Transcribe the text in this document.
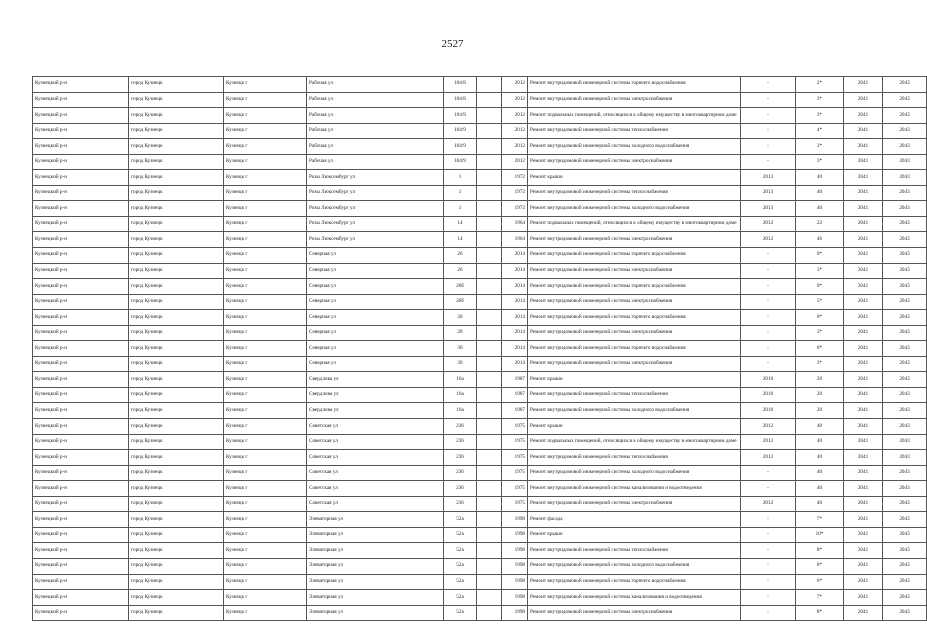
2527
Кузнецкий р-н	город Кузнецк	Кузнецк г	Рабочая ул	104/8		2012	Ремонт внутридомовой инженерной системы горячего водоснабжения	-	2*	2041	2043
Кузнецкий р-н	город Кузнецк	Кузнецк г	Рабочая ул	104/8		2012	Ремонт внутридомовой инженерной системы электроснабжения	-	3*	2041	2043
Кузнецкий р-н	город Кузнецк	Кузнецк г	Рабочая ул	104/9		2012	Ремонт подвальных помещений, относящихся к общему имуществу в многоквартирном доме	-	3*	2041	2043
Кузнецкий р-н	город Кузнецк	Кузнецк г	Рабочая ул	104/9		2012	Ремонт внутридомовой инженерной системы теплоснабжения	-	4*	2041	2043
Кузнецкий р-н	город Кузнецк	Кузнецк г	Рабочая ул	104/9		2012	Ремонт внутридомовой инженерной системы холодного водоснабжения	-	3*	2041	2043
Кузнецкий р-н	город Кузнецк	Кузнецк г	Рабочая ул	104/9		2012	Ремонт внутридомовой инженерной системы электроснабжения	-	3*	2041	2043
Кузнецкий р-н	город Кузнецк	Кузнецк г	Розы Люксембург ул	1		1972	Ремонт крыши	2013	40	2041	2043
Кузнецкий р-н	город Кузнецк	Кузнецк г	Розы Люксембург ул	1		1972	Ремонт внутридомовой инженерной системы теплоснабжения	2013	40	2041	2043
Кузнецкий р-н	город Кузнецк	Кузнецк г	Розы Люксембург ул	1		1972	Ремонт внутридомовой инженерной системы холодного водоснабжения	2013	40	2041	2043
Кузнецкий р-н	город Кузнецк	Кузнецк г	Розы Люксембург ул	14		1964	Ремонт подвальных помещений, относящихся к общему имуществу в многоквартирном доме	2012	22	2041	2043
Кузнецкий р-н	город Кузнецк	Кузнецк г	Розы Люксембург ул	14		1964	Ремонт внутридомовой инженерной системы электроснабжения	2012	46	2041	2043
Кузнецкий р-н	город Кузнецк	Кузнецк г	Северная ул	26		2014	Ремонт внутридомовой инженерной системы горячего водоснабжения	-	0*	2041	2043
Кузнецкий р-н	город Кузнецк	Кузнецк г	Северная ул	26		2014	Ремонт внутридомовой инженерной системы электроснабжения	-	3*	2041	2043
Кузнецкий р-н	город Кузнецк	Кузнецк г	Северная ул	26б		2014	Ремонт внутридомовой инженерной системы горячего водоснабжения	-	0*	2041	2043
Кузнецкий р-н	город Кузнецк	Кузнецк г	Северная ул	26б		2014	Ремонт внутридомовой инженерной системы электроснабжения	-	5*	2041	2043
Кузнецкий р-н	город Кузнецк	Кузнецк г	Северная ул	28		2014	Ремонт внутридомовой инженерной системы горячего водоснабжения	-	0*	2041	2043
Кузнецкий р-н	город Кузнецк	Кузнецк г	Северная ул	28		2014	Ремонт внутридомовой инженерной системы электроснабжения	-	3*	2041	2043
Кузнецкий р-н	город Кузнецк	Кузнецк г	Северная ул	30		2014	Ремонт внутридомовой инженерной системы горячего водоснабжения	-	0*	2041	2043
Кузнецкий р-н	город Кузнецк	Кузнецк г	Северная ул	30		2014	Ремонт внутридомовой инженерной системы электроснабжения	-	3*	2041	2043
Кузнецкий р-н	город Кузнецк	Кузнецк г	Свердлова ул	16а		1987	Ремонт крыши	2010	20	2041	2043
Кузнецкий р-н	город Кузнецк	Кузнецк г	Свердлова ул	16а		1987	Ремонт внутридомовой инженерной системы теплоснабжения	2010	20	2041	2043
Кузнецкий р-н	город Кузнецк	Кузнецк г	Свердлова ул	16а		1987	Ремонт внутридомовой инженерной системы холодного водоснабжения	2010	20	2041	2043
Кузнецкий р-н	город Кузнецк	Кузнецк г	Советская ул	236		1975	Ремонт крыши	2012	40	2041	2043
Кузнецкий р-н	город Кузнецк	Кузнецк г	Советская ул	236		1975	Ремонт подвальных помещений, относящихся к общему имуществу в многоквартирном доме	2012	40	2041	2043
Кузнецкий р-н	город Кузнецк	Кузнецк г	Советская ул	236		1975	Ремонт внутридомовой инженерной системы теплоснабжения	2012	40	2041	2043
Кузнецкий р-н	город Кузнецк	Кузнецк г	Советская ул	236		1975	Ремонт внутридомовой инженерной системы холодного водоснабжения	-	40	2041	2043
Кузнецкий р-н	город Кузнецк	Кузнецк г	Советская ул	236		1975	Ремонт внутридомовой инженерной системы канализования и водоотведения	-	40	2041	2043
Кузнецкий р-н	город Кузнецк	Кузнецк г	Советская ул	236		1975	Ремонт внутридомовой инженерной системы электроснабжения	2012	40	2041	2043
Кузнецкий р-н	город Кузнецк	Кузнецк г	Элеваторная ул	52а		1998	Ремонт фасада	-	7*	2041	2043
Кузнецкий р-н	город Кузнецк	Кузнецк г	Элеваторная ул	52а		1998	Ремонт крыши	-	10*	2041	2043
Кузнецкий р-н	город Кузнецк	Кузнецк г	Элеваторная ул	52а		1998	Ремонт внутридомовой инженерной системы теплоснабжения	-	8*	2041	2043
Кузнецкий р-н	город Кузнецк	Кузнецк г	Элеваторная ул	52а		1998	Ремонт внутридомовой инженерной системы холодного водоснабжения	-	8*	2041	2043
Кузнецкий р-н	город Кузнецк	Кузнецк г	Элеваторная ул	52а		1998	Ремонт внутридомовой инженерной системы горячего водоснабжения	-	6*	2041	2043
Кузнецкий р-н	город Кузнецк	Кузнецк г	Элеваторная ул	52а		1998	Ремонт внутридомовой инженерной системы канализования и водоотведения	-	7*	2041	2043
Кузнецкий р-н	город Кузнецк	Кузнецк г	Элеваторная ул	52а		1998	Ремонт внутридомовой инженерной системы электроснабжения	-	8*	2041	2043
